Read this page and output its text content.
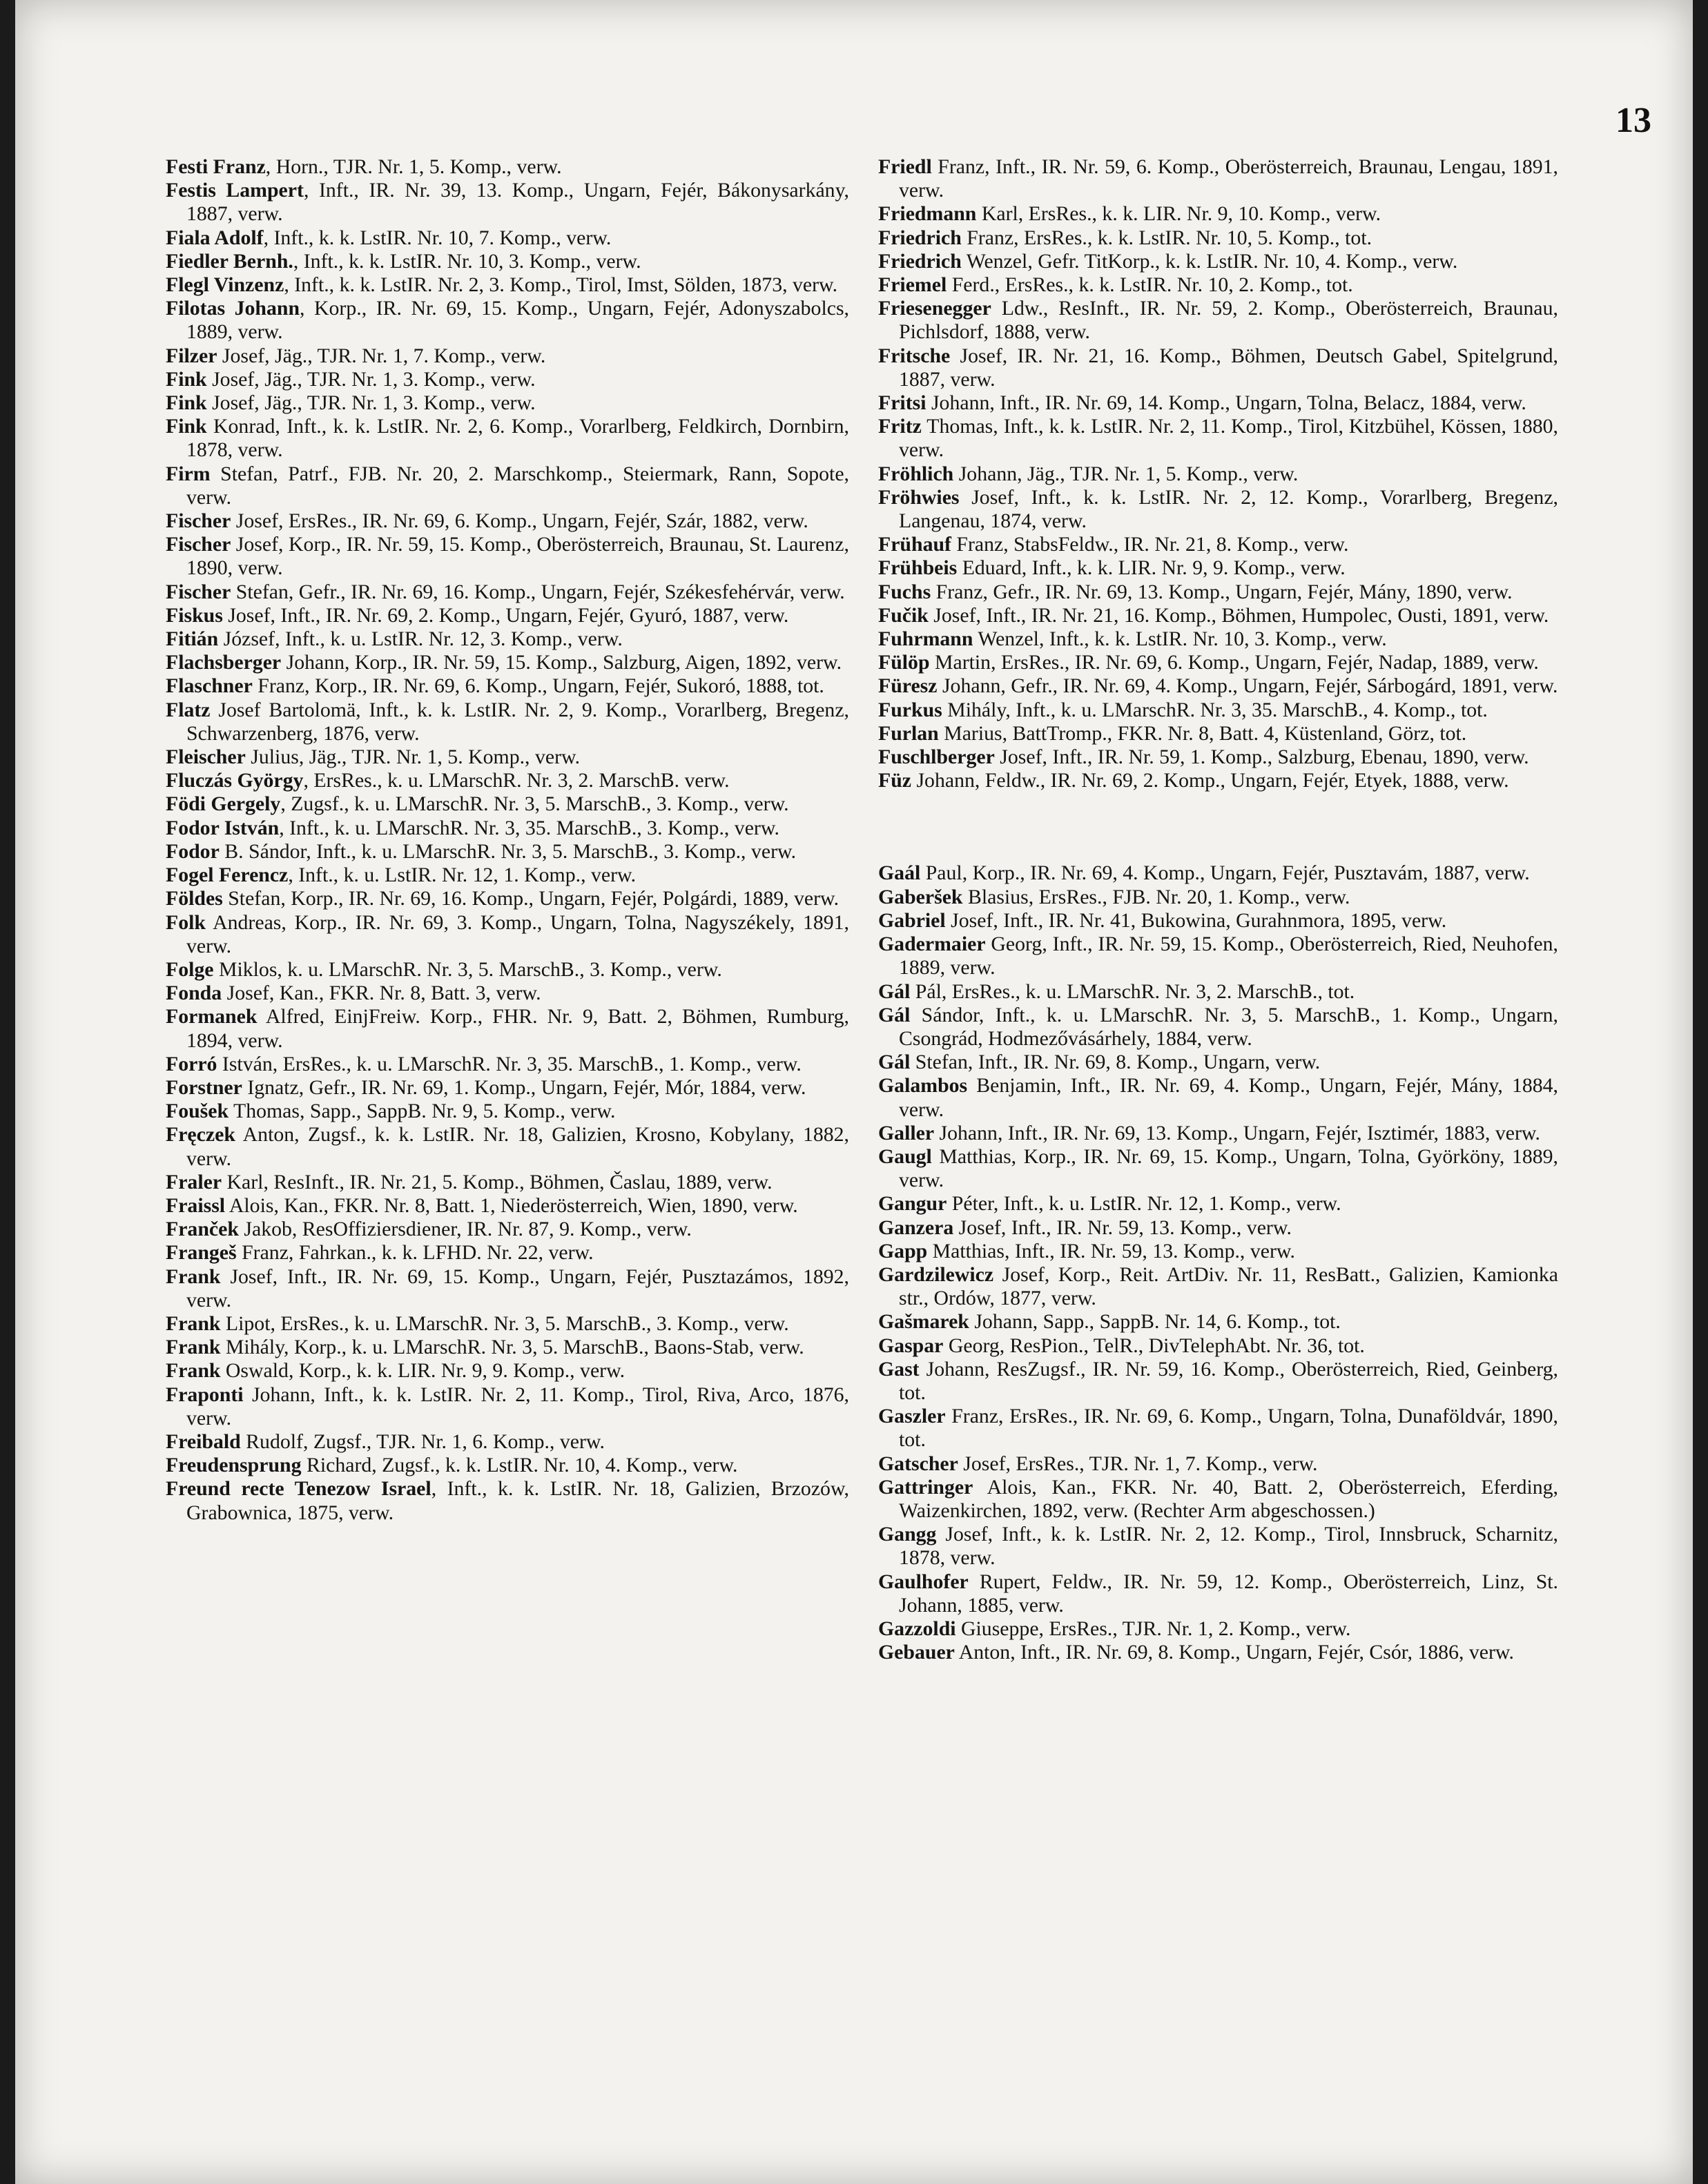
13

Festi Franz, Horn., TJR. Nr. 1, 5. Komp., verw.

Festis Lampert, Inft., IR. Nr. 39, 13. Komp., Ungarn, Fejér, Bákonysarkány, 1887, verw.

Fiala Adolf, Inft., k. k. LstIR. Nr. 10, 7. Komp., verw.

Fiedler Bernh., Inft., k. k. LstIR. Nr. 10, 3. Komp., verw.

Flegl Vinzenz, Inft., k. k. LstIR. Nr. 2, 3. Komp., Tirol, Imst, Sölden, 1873, verw.

Filotas Johann, Korp., IR. Nr. 69, 15. Komp., Ungarn, Fejér, Adonyszabolcs, 1889, verw.

Filzer Josef, Jäg., TJR. Nr. 1, 7. Komp., verw.

Fink Josef, Jäg., TJR. Nr. 1, 3. Komp., verw.

Fink Josef, Jäg., TJR. Nr. 1, 3. Komp., verw.

Fink Konrad, Inft., k. k. LstIR. Nr. 2, 6. Komp., Vorarlberg, Feldkirch, Dornbirn, 1878, verw.

Firm Stefan, Patrf., FJB. Nr. 20, 2. Marschkomp., Steiermark, Rann, Sopote, verw.

Fischer Josef, ErsRes., IR. Nr. 69, 6. Komp., Ungarn, Fejér, Szár, 1882, verw.

Fischer Josef, Korp., IR. Nr. 59, 15. Komp., Oberösterreich, Braunau, St. Laurenz, 1890, verw.

Fischer Stefan, Gefr., IR. Nr. 69, 16. Komp., Ungarn, Fejér, Székesfehérvár, verw.

Fiskus Josef, Inft., IR. Nr. 69, 2. Komp., Ungarn, Fejér, Gyuró, 1887, verw.

Fitián József, Inft., k. u. LstIR. Nr. 12, 3. Komp., verw.

Flachsberger Johann, Korp., IR. Nr. 59, 15. Komp., Salzburg, Aigen, 1892, verw.

Flaschner Franz, Korp., IR. Nr. 69, 6. Komp., Ungarn, Fejér, Sukoró, 1888, tot.

Flatz Josef Bartolomä, Inft., k. k. LstIR. Nr. 2, 9. Komp., Vorarlberg, Bregenz, Schwarzenberg, 1876, verw.

Fleischer Julius, Jäg., TJR. Nr. 1, 5. Komp., verw.

Fluczás György, ErsRes., k. u. LMarschR. Nr. 3, 2. MarschB. verw.

Födi Gergely, Zugsf., k. u. LMarschR. Nr. 3, 5. MarschB., 3. Komp., verw.

Fodor István, Inft., k. u. LMarschR. Nr. 3, 35. MarschB., 3. Komp., verw.

Fodor B. Sándor, Inft., k. u. LMarschR. Nr. 3, 5. MarschB., 3. Komp., verw.

Fogel Ferencz, Inft., k. u. LstIR. Nr. 12, 1. Komp., verw.

Földes Stefan, Korp., IR. Nr. 69, 16. Komp., Ungarn, Fejér, Polgárdi, 1889, verw.

Folk Andreas, Korp., IR. Nr. 69, 3. Komp., Ungarn, Tolna, Nagyszékely, 1891, verw.

Folge Miklos, k. u. LMarschR. Nr. 3, 5. MarschB., 3. Komp., verw.

Fonda Josef, Kan., FKR. Nr. 8, Batt. 3, verw.

Formanek Alfred, EinjFreiw. Korp., FHR. Nr. 9, Batt. 2, Böhmen, Rumburg, 1894, verw.

Forró István, ErsRes., k. u. LMarschR. Nr. 3, 35. MarschB., 1. Komp., verw.

Forstner Ignatz, Gefr., IR. Nr. 69, 1. Komp., Ungarn, Fejér, Mór, 1884, verw.

Foušek Thomas, Sapp., SappB. Nr. 9, 5. Komp., verw.

Fręczek Anton, Zugsf., k. k. LstIR. Nr. 18, Galizien, Krosno, Kobylany, 1882, verw.

Fraler Karl, ResInft., IR. Nr. 21, 5. Komp., Böhmen, Časlau, 1889, verw.

Fraissl Alois, Kan., FKR. Nr. 8, Batt. 1, Niederösterreich, Wien, 1890, verw.

Franček Jakob, ResOffiziersdiener, IR. Nr. 87, 9. Komp., verw.

Frangeš Franz, Fahrkan., k. k. LFHD. Nr. 22, verw.

Frank Josef, Inft., IR. Nr. 69, 15. Komp., Ungarn, Fejér, Pusztazámos, 1892, verw.

Frank Lipot, ErsRes., k. u. LMarschR. Nr. 3, 5. MarschB., 3. Komp., verw.

Frank Mihály, Korp., k. u. LMarschR. Nr. 3, 5. MarschB., Baons-Stab, verw.

Frank Oswald, Korp., k. k. LIR. Nr. 9, 9. Komp., verw.

Fraponti Johann, Inft., k. k. LstIR. Nr. 2, 11. Komp., Tirol, Riva, Arco, 1876, verw.

Freibald Rudolf, Zugsf., TJR. Nr. 1, 6. Komp., verw.

Freudensprung Richard, Zugsf., k. k. LstIR. Nr. 10, 4. Komp., verw.

Freund recte Tenezow Israel, Inft., k. k. LstIR. Nr. 18, Galizien, Brzozów, Grabownica, 1875, verw.

Friedl Franz, Inft., IR. Nr. 59, 6. Komp., Oberösterreich, Braunau, Lengau, 1891, verw.

Friedmann Karl, ErsRes., k. k. LIR. Nr. 9, 10. Komp., verw.

Friedrich Franz, ErsRes., k. k. LstIR. Nr. 10, 5. Komp., tot.

Friedrich Wenzel, Gefr. TitKorp., k. k. LstIR. Nr. 10, 4. Komp., verw.

Friemel Ferd., ErsRes., k. k. LstIR. Nr. 10, 2. Komp., tot.

Friesenegger Ldw., ResInft., IR. Nr. 59, 2. Komp., Oberösterreich, Braunau, Pichlsdorf, 1888, verw.

Fritsche Josef, IR. Nr. 21, 16. Komp., Böhmen, Deutsch Gabel, Spitelgrund, 1887, verw.

Fritsi Johann, Inft., IR. Nr. 69, 14. Komp., Ungarn, Tolna, Belacz, 1884, verw.

Fritz Thomas, Inft., k. k. LstIR. Nr. 2, 11. Komp., Tirol, Kitzbühel, Kössen, 1880, verw.

Fröhlich Johann, Jäg., TJR. Nr. 1, 5. Komp., verw.

Fröhwies Josef, Inft., k. k. LstIR. Nr. 2, 12. Komp., Vorarlberg, Bregenz, Langenau, 1874, verw.

Frühauf Franz, StabsFeldw., IR. Nr. 21, 8. Komp., verw.

Frühbeis Eduard, Inft., k. k. LIR. Nr. 9, 9. Komp., verw.

Fuchs Franz, Gefr., IR. Nr. 69, 13. Komp., Ungarn, Fejér, Mány, 1890, verw.

Fučik Josef, Inft., IR. Nr. 21, 16. Komp., Böhmen, Humpolec, Ousti, 1891, verw.

Fuhrmann Wenzel, Inft., k. k. LstIR. Nr. 10, 3. Komp., verw.

Fülöp Martin, ErsRes., IR. Nr. 69, 6. Komp., Ungarn, Fejér, Nadap, 1889, verw.

Füresz Johann, Gefr., IR. Nr. 69, 4. Komp., Ungarn, Fejér, Sárbogárd, 1891, verw.

Furkus Mihály, Inft., k. u. LMarschR. Nr. 3, 35. MarschB., 4. Komp., tot.

Furlan Marius, BattTromp., FKR. Nr. 8, Batt. 4, Küstenland, Görz, tot.

Fuschlberger Josef, Inft., IR. Nr. 59, 1. Komp., Salzburg, Ebenau, 1890, verw.

Füz Johann, Feldw., IR. Nr. 69, 2. Komp., Ungarn, Fejér, Etyek, 1888, verw.

Gaál Paul, Korp., IR. Nr. 69, 4. Komp., Ungarn, Fejér, Pusztavám, 1887, verw.

Gaberšek Blasius, ErsRes., FJB. Nr. 20, 1. Komp., verw.

Gabriel Josef, Inft., IR. Nr. 41, Bukowina, Gurahnmora, 1895, verw.

Gadermaier Georg, Inft., IR. Nr. 59, 15. Komp., Oberösterreich, Ried, Neuhofen, 1889, verw.

Gál Pál, ErsRes., k. u. LMarschR. Nr. 3, 2. MarschB., tot.

Gál Sándor, Inft., k. u. LMarschR. Nr. 3, 5. MarschB., 1. Komp., Ungarn, Csongrád, Hodmezővásárhely, 1884, verw.

Gál Stefan, Inft., IR. Nr. 69, 8. Komp., Ungarn, verw.

Galambos Benjamin, Inft., IR. Nr. 69, 4. Komp., Ungarn, Fejér, Mány, 1884, verw.

Galler Johann, Inft., IR. Nr. 69, 13. Komp., Ungarn, Fejér, Isztimér, 1883, verw.

Gaugl Matthias, Korp., IR. Nr. 69, 15. Komp., Ungarn, Tolna, Györköny, 1889, verw.

Gangur Péter, Inft., k. u. LstIR. Nr. 12, 1. Komp., verw.

Ganzera Josef, Inft., IR. Nr. 59, 13. Komp., verw.

Gapp Matthias, Inft., IR. Nr. 59, 13. Komp., verw.

Gardzilewicz Josef, Korp., Reit. ArtDiv. Nr. 11, ResBatt., Galizien, Kamionka str., Ordów, 1877, verw.

Gašmarek Johann, Sapp., SappB. Nr. 14, 6. Komp., tot.

Gaspar Georg, ResPion., TelR., DivTelephAbt. Nr. 36, tot.

Gast Johann, ResZugsf., IR. Nr. 59, 16. Komp., Oberösterreich, Ried, Geinberg, tot.

Gaszler Franz, ErsRes., IR. Nr. 69, 6. Komp., Ungarn, Tolna, Dunaföldvár, 1890, tot.

Gatscher Josef, ErsRes., TJR. Nr. 1, 7. Komp., verw.

Gattringer Alois, Kan., FKR. Nr. 40, Batt. 2, Oberösterreich, Eferding, Waizenkirchen, 1892, verw. (Rechter Arm abgeschossen.)

Gangg Josef, Inft., k. k. LstIR. Nr. 2, 12. Komp., Tirol, Innsbruck, Scharnitz, 1878, verw.

Gaulhofer Rupert, Feldw., IR. Nr. 59, 12. Komp., Oberösterreich, Linz, St. Johann, 1885, verw.

Gazzoldi Giuseppe, ErsRes., TJR. Nr. 1, 2. Komp., verw.

Gebauer Anton, Inft., IR. Nr. 69, 8. Komp., Ungarn, Fejér, Csór, 1886, verw.
